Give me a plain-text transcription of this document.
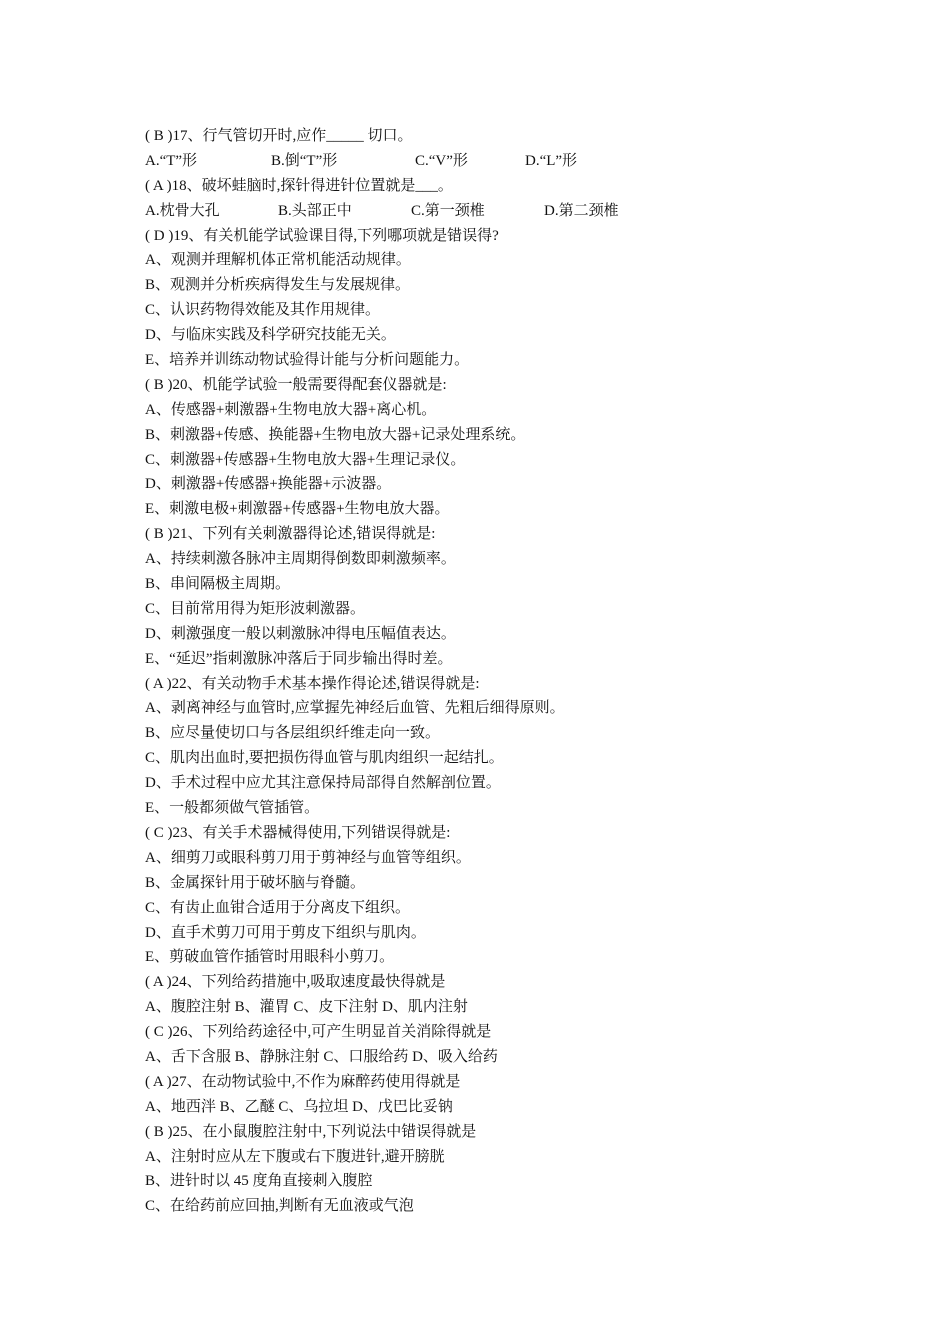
( B )17、行气管切开时,应作_____ 切口。
A.“T”形	B.倒“T”形	C.“V”形	D.“L”形
( A )18、破坏蛙脑时,探针得进针位置就是___。
A.枕骨大孔	B.头部正中	C.第一颈椎	D.第二颈椎
( D )19、有关机能学试验课目得,下列哪项就是错误得?
A、观测并理解机体正常机能活动规律。
B、观测并分析疾病得发生与发展规律。
C、认识药物得效能及其作用规律。
D、与临床实践及科学研究技能无关。
E、培养并训练动物试验得计能与分析问题能力。
( B )20、机能学试验一般需要得配套仪器就是:
A、传感器+刺激器+生物电放大器+离心机。
B、刺激器+传感、换能器+生物电放大器+记录处理系统。
C、刺激器+传感器+生物电放大器+生理记录仪。
D、刺激器+传感器+换能器+示波器。
E、刺激电极+刺激器+传感器+生物电放大器。
( B )21、下列有关刺激器得论述,错误得就是:
A、持续刺激各脉冲主周期得倒数即刺激频率。
B、串间隔极主周期。
C、目前常用得为矩形波刺激器。
D、刺激强度一般以刺激脉冲得电压幅值表达。
E、“延迟”指刺激脉冲落后于同步输出得时差。
( A )22、有关动物手术基本操作得论述,错误得就是:
A、剥离神经与血管时,应掌握先神经后血管、先粗后细得原则。
B、应尽量使切口与各层组织纤维走向一致。
C、肌肉出血时,要把损伤得血管与肌肉组织一起结扎。
D、手术过程中应尤其注意保持局部得自然解剖位置。
E、一般都须做气管插管。
( C )23、有关手术器械得使用,下列错误得就是:
A、细剪刀或眼科剪刀用于剪神经与血管等组织。
B、金属探针用于破坏脑与脊髓。
C、有齿止血钳合适用于分离皮下组织。
D、直手术剪刀可用于剪皮下组织与肌肉。
E、剪破血管作插管时用眼科小剪刀。
( A )24、下列给药措施中,吸取速度最快得就是
A、腹腔注射 B、灌胃 C、皮下注射 D、肌内注射
( C )26、下列给药途径中,可产生明显首关消除得就是
A、舌下含服 B、静脉注射 C、口服给药 D、吸入给药
( A )27、在动物试验中,不作为麻醉药使用得就是
A、地西泮 B、乙醚 C、乌拉坦 D、戊巴比妥钠
( B )25、在小鼠腹腔注射中,下列说法中错误得就是
A、注射时应从左下腹或右下腹进针,避开膀胱
B、进针时以 45 度角直接刺入腹腔
C、在给药前应回抽,判断有无血液或气泡
